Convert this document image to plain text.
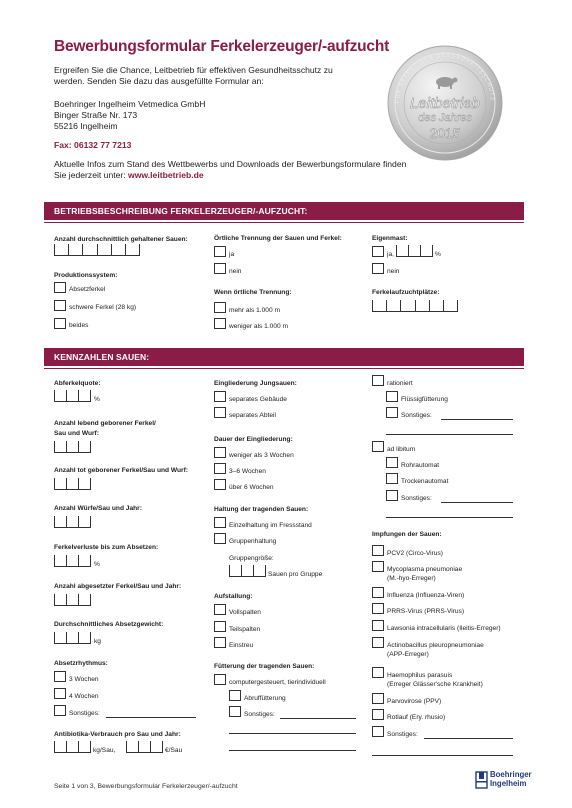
Bewerbungsformular Ferkelerzeuger/-aufzucht
Ergreifen Sie die Chance, Leitbetrieb für effektiven Gesundheitsschutz zu werden. Senden Sie dazu das ausgefüllte Formular an:
Boehringer Ingelheim Vetmedica GmbH
Binger Straße Nr. 173
55216 Ingelheim
Fax: 06132 77 7213
Aktuelle Infos zum Stand des Wettbewerbs und Downloads der Bewerbungsformulare finden Sie jederzeit unter: www.leitbetrieb.de
FÜR EFFEKTIVEN GESUNDHEITSSCHUTZ
Leitbetrieb
des Jahres
2015
BETRIEBSBESCHREIBUNG FERKELERZEUGER/-AUFZUCHT:
Anzahl durchschnittlich gehaltener Sauen:
Produktionssystem:
Absetzferkel
schwere Ferkel (28 kg)
beides
Örtliche Trennung der Sauen und Ferkel:
ja
nein
Wenn örtliche Trennung:
mehr als 1.000 m
weniger als 1.000 m
Eigenmast:
ja,	%
nein
Ferkelaufzuchtplätze:
KENNZAHLEN SAUEN:
Abferkelquote:
%
Anzahl lebend geborener Ferkel/
Sau und Wurf:
Anzahl tot geborener Ferkel/Sau und Wurf:
Anzahl Würfe/Sau und Jahr:
Ferkelverluste bis zum Absetzen:
%
Anzahl abgesetzter Ferkel/Sau und Jahr:
Durchschnittliches Absetzgewicht:
kg
Absetzrhythmus:
3 Wochen
4 Wochen
Sonstiges:
Antibiotika-Verbrauch pro Sau und Jahr:
kg/Sau,	€/Sau
Eingliederung Jungsauen:
separates Gebäude
separates Abteil
Dauer der Eingliederung:
weniger als 3 Wochen
3–6 Wochen
über 6 Wochen
Haltung der tragenden Sauen:
Einzelhaltung im Fressstand
Gruppenhaltung
Gruppengröße:
Sauen pro Gruppe
Aufstallung:
Vollspalten
Teilspalten
Einstreu
Fütterung der tragenden Sauen:
computergesteuert, tierindividuell
Abruffütterung
Sonstiges:
rationiert
Flüssigfütterung
Sonstiges:
ad libitum
Rohrautomat
Trockenautomat
Sonstiges:
Impfungen der Sauen:
PCV2 (Circo-Virus)
Mycoplasma pneumoniae
(M.-hyo-Erreger)
Influenza (Influenza-Viren)
PRRS-Virus (PRRS-Virus)
Lawsonia intracellularis (Ileitis-Erreger)
Actinobacillus pleuropneumoniae
(APP-Erreger)
Haemophilus parasuis
(Erreger Glässer'sche Krankheit)
Parvovirose (PPV)
Rotlauf (Ery. rhusio)
Sonstiges:
Seite 1 von 3, Bewerbungsformular Ferkelerzeuger/-aufzucht
Boehringer
Ingelheim
